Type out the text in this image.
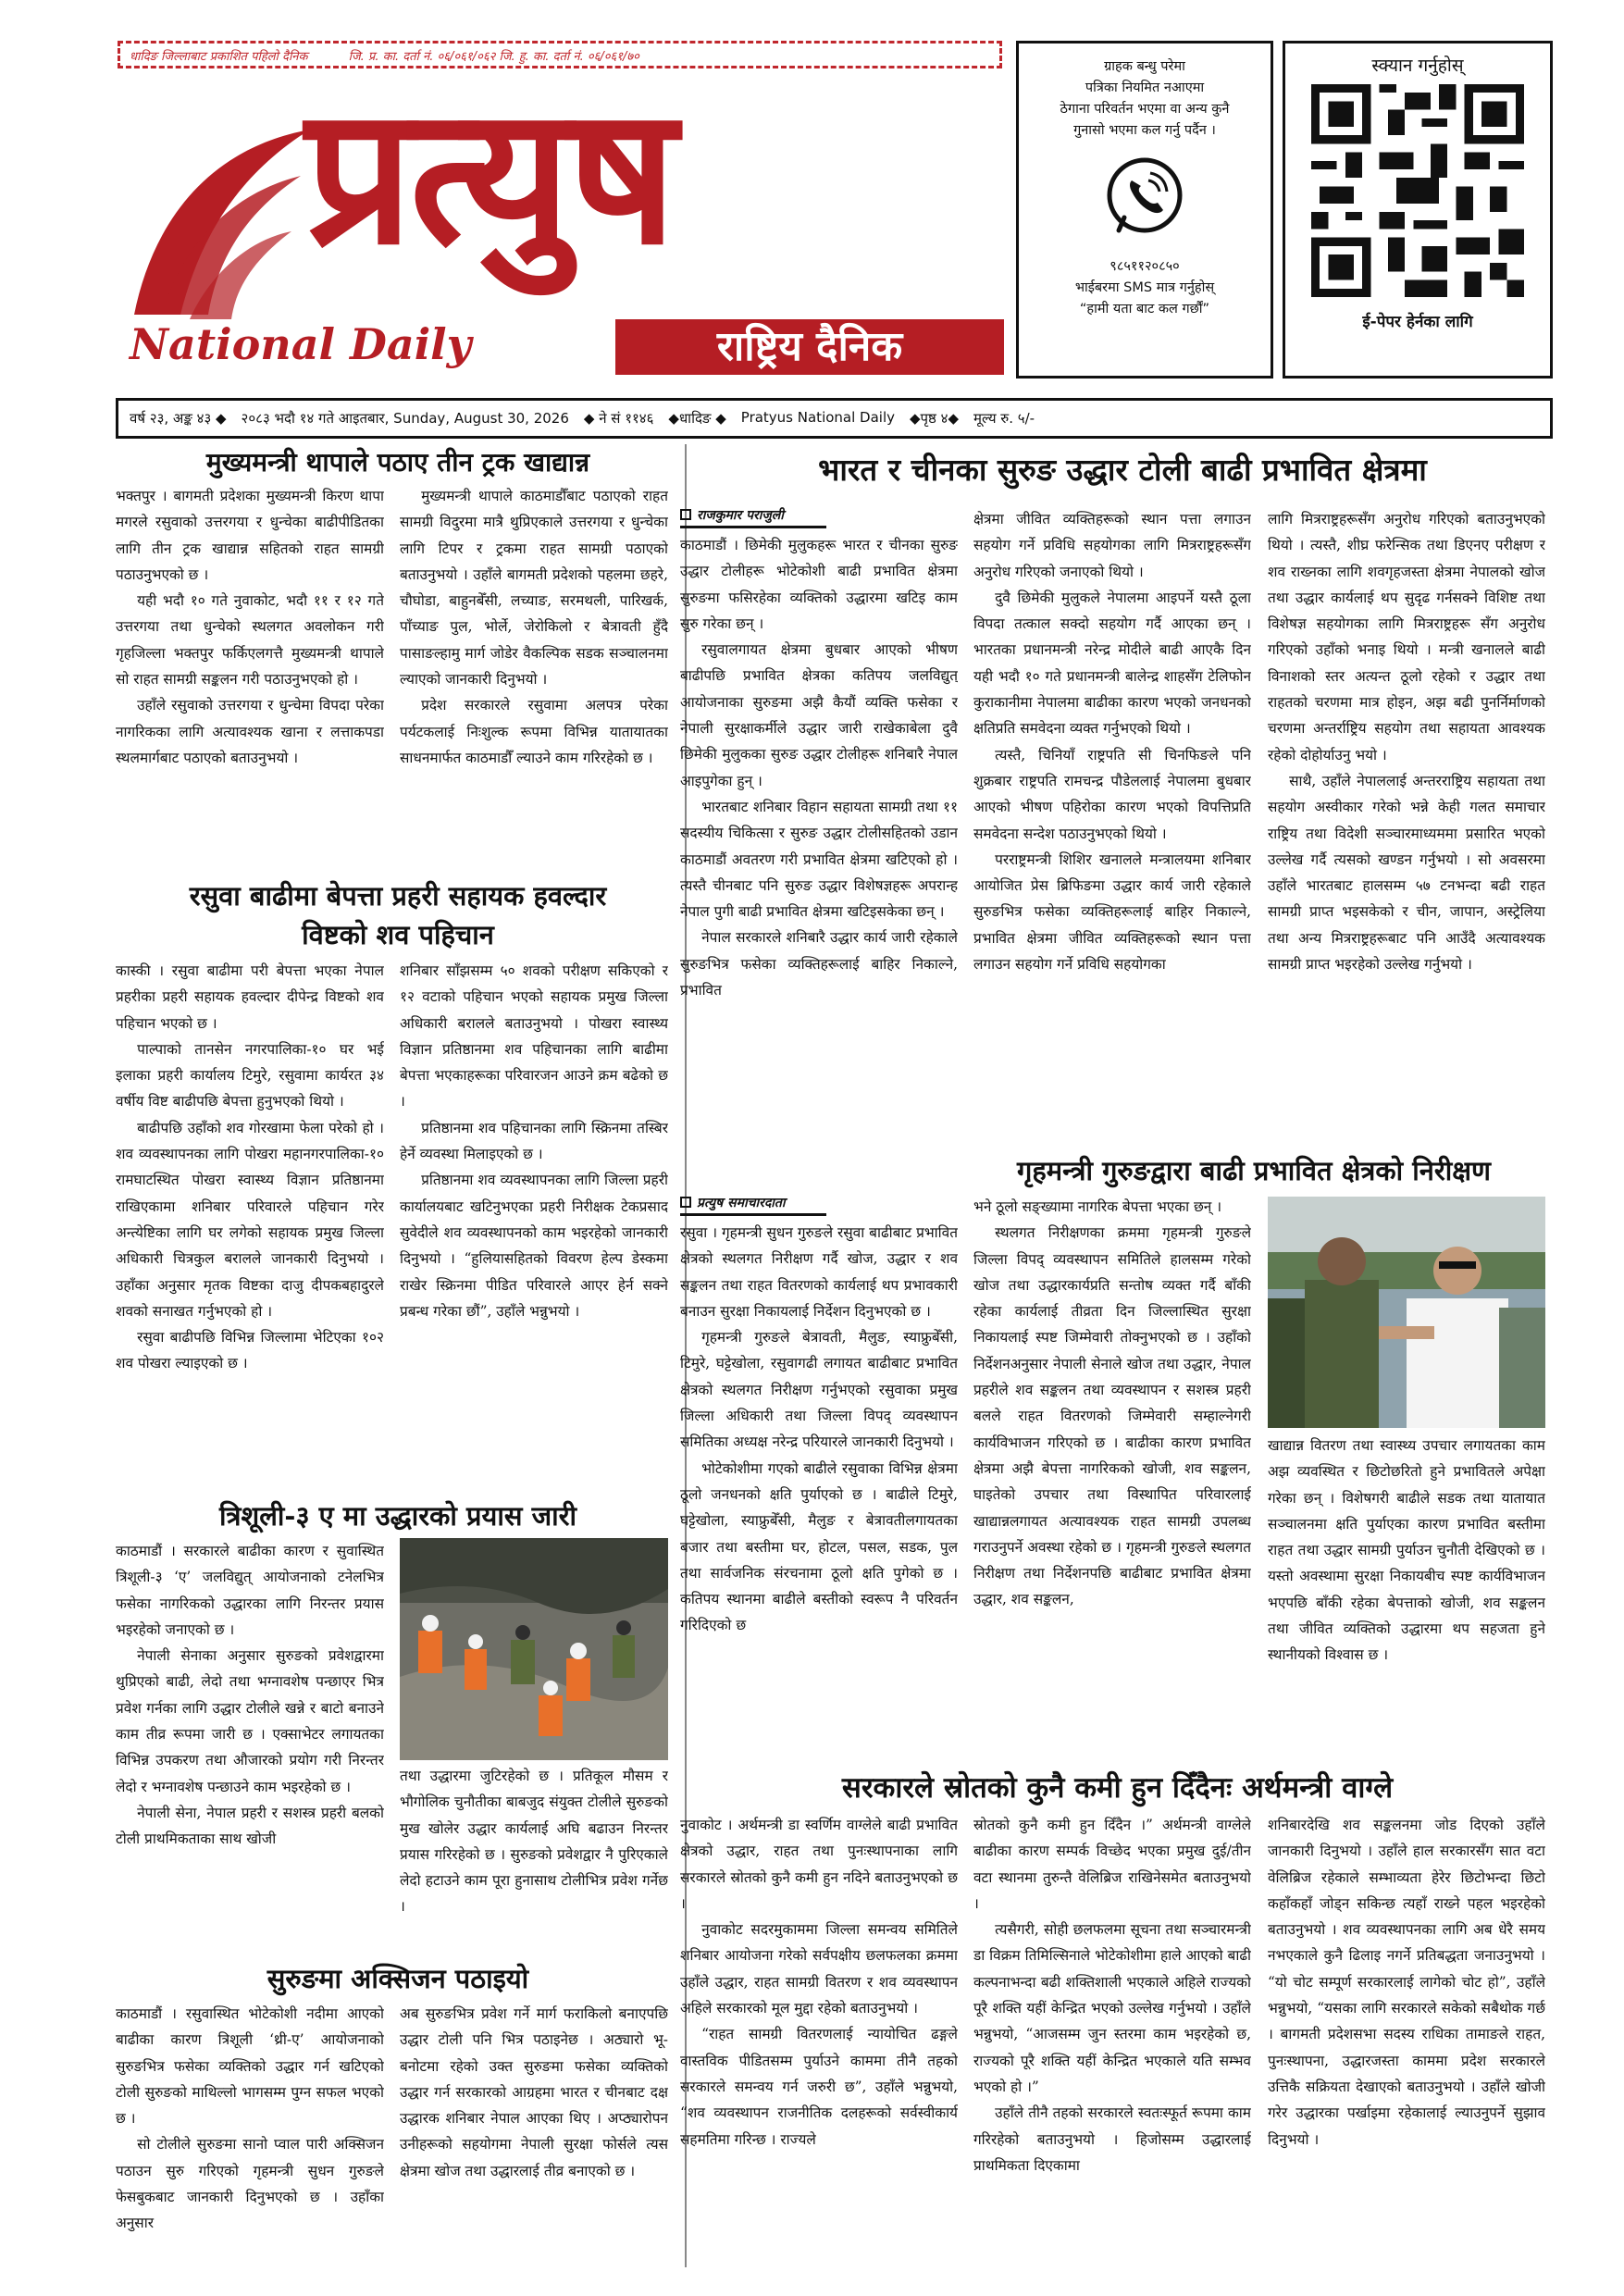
धादिङ जिल्लाबाट प्रकाशित पहिलो दैनिक	जि. प्र. का. दर्ता नं. ०६/०६१/०६२ जि. हु. का. दर्ता नं. ०६/०६१/७०
प्रत्युष
National Daily	राष्ट्रिय दैनिक
ग्राहक बन्धु परेमा
पत्रिका नियमित नआएमा
ठेगाना परिवर्तन भएमा वा अन्य कुनै
गुनासो भएमा कल गर्नु पर्दैन ।
९८५११२०८५०
भाईबरमा SMS मात्र गर्नुहोस्
“हामी यता बाट कल गर्छौं”
स्क्यान गर्नुहोस्
ई-पेपर हेर्नका लागि
वर्ष २३, अङ्क ४३ ◆ २०८३ भदौ १४ गते आइतबार, Sunday, August 30, 2026 ◆ ने सं ११४६ ◆धादिङ ◆ Pratyus National Daily ◆पृष्ठ ४◆ मूल्य रु. ५/-
मुख्यमन्त्री थापाले पठाए तीन ट्रक खाद्यान्न

भक्तपुर । बागमती प्रदेशका मुख्यमन्त्री किरण थापा मगरले रसुवाको उत्तरगया र धुन्चेका बाढीपीडितका लागि तीन ट्रक खाद्यान्न सहितको राहत सामग्री पठाउनुभएको छ ।

यही भदौ १० गते नुवाकोट, भदौ ११ र १२ गते उत्तरगया तथा धुन्चेको स्थलगत अवलोकन गरी गृहजिल्ला भक्तपुर फर्किएलगत्तै मुख्यमन्त्री थापाले सो राहत सामग्री सङ्कलन गरी पठाउनुभएको हो ।

उहाँले रसुवाको उत्तरगया र धुन्चेमा विपदा परेका नागरिकका लागि अत्यावश्यक खाना र लत्ताकपडा स्थलमार्गबाट पठाएको बताउनुभयो ।

मुख्यमन्त्री थापाले काठमाडौँबाट पठाएको राहत सामग्री विदुरमा मात्रै थुप्रिएकाले उत्तरगया र धुन्चेका लागि टिपर र ट्रकमा राहत सामग्री पठाएको बताउनुभयो । उहाँले बागमती प्रदेशको पहलमा छहरे, चौघोडा, बाहुनबेँसी, लच्याङ, सरमथली, पारिखर्क, पाँच्याङ पुल, भोर्ले, जेरोकिलो र बेत्रावती हुँदै पासाङल्हामु मार्ग जोडेर वैकल्पिक सडक सञ्चालनमा ल्याएको जानकारी दिनुभयो ।

प्रदेश सरकारले रसुवामा अलपत्र परेका पर्यटकलाई निःशुल्क रूपमा विभिन्न यातायातका साधनमार्फत काठमाडौँ ल्याउने काम गरिरहेको छ ।

रसुवा बाढीमा बेपत्ता प्रहरी सहायक हवल्दार
विष्टको शव पहिचान

कास्की । रसुवा बाढीमा परी बेपत्ता भएका नेपाल प्रहरीका प्रहरी सहायक हवल्दार दीपेन्द्र विष्टको शव पहिचान भएको छ ।

पाल्पाको तानसेन नगरपालिका-१० घर भई इलाका प्रहरी कार्यालय टिमुरे, रसुवामा कार्यरत ३४ वर्षीय विष्ट बाढीपछि बेपत्ता हुनुभएको थियो ।

बाढीपछि उहाँको शव गोरखामा फेला परेको हो । शव व्यवस्थापनका लागि पोखरा महानगरपालिका-१० रामघाटस्थित पोखरा स्वास्थ्य विज्ञान प्रतिष्ठानमा राखिएकामा शनिबार परिवारले पहिचान गरेर अन्त्येष्टिका लागि घर लगेको सहायक प्रमुख जिल्ला अधिकारी चित्रकुल बरालले जानकारी दिनुभयो । उहाँका अनुसार मृतक विष्टका दाजु दीपकबहादुरले शवको सनाखत गर्नुभएको हो ।

रसुवा बाढीपछि विभिन्न जिल्लामा भेटिएका १०२ शव पोखरा ल्याइएको छ ।

शनिबार साँझसम्म ५० शवको परीक्षण सकिएको र १२ वटाको पहिचान भएको सहायक प्रमुख जिल्ला अधिकारी बरालले बताउनुभयो । पोखरा स्वास्थ्य विज्ञान प्रतिष्ठानमा शव पहिचानका लागि बाढीमा बेपत्ता भएकाहरूका परिवारजन आउने क्रम बढेको छ ।

प्रतिष्ठानमा शव पहिचानका लागि स्क्रिनमा तस्बिर हेर्ने व्यवस्था मिलाइएको छ ।

प्रतिष्ठानमा शव व्यवस्थापनका लागि जिल्ला प्रहरी कार्यालयबाट खटिनुभएका प्रहरी निरीक्षक टेकप्रसाद सुवेदीले शव व्यवस्थापनको काम भइरहेको जानकारी दिनुभयो । “हुलियासहितको विवरण हेल्प डेस्कमा राखेर स्क्रिनमा पीडित परिवारले आएर हेर्न सक्ने प्रबन्ध गरेका छौं”, उहाँले भन्नुभयो ।

त्रिशूली-३ ए मा उद्धारको प्रयास जारी

काठमाडौं । सरकारले बाढीका कारण र सुवास्थित त्रिशूली-३ ‘ए’ जलविद्युत् आयोजनाको टनेलभित्र फसेका नागरिकको उद्धारका लागि निरन्तर प्रयास भइरहेको जनाएको छ ।

नेपाली सेनाका अनुसार सुरुङको प्रवेशद्वारमा थुप्रिएको बाढी, लेदो तथा भग्नावशेष पन्छाएर भित्र प्रवेश गर्नका लागि उद्धार टोलीले खन्ने र बाटो बनाउने काम तीव्र रूपमा जारी छ । एक्साभेटर लगायतका विभिन्न उपकरण तथा औजारको प्रयोग गरी निरन्तर लेदो र भग्नावशेष पन्छाउने काम भइरहेको छ ।

नेपाली सेना, नेपाल प्रहरी र सशस्त्र प्रहरी बलको टोली प्राथमिकताका साथ खोजी

तथा उद्धारमा जुटिरहेको छ । प्रतिकूल मौसम र भौगोलिक चुनौतीका बाबजुद संयुक्त टोलीले सुरुङको मुख खोलेर उद्धार कार्यलाई अघि बढाउन निरन्तर प्रयास गरिरहेको छ । सुरुङको प्रवेशद्वार नै पुरिएकाले लेदो हटाउने काम पूरा हुनासाथ टोलीभित्र प्रवेश गर्नेछ ।

सुरुङमा अक्सिजन पठाइयो

काठमाडौं । रसुवास्थित भोटेकोशी नदीमा आएको बाढीका कारण त्रिशूली ‘थ्री-ए’ आयोजनाको सुरुङभित्र फसेका व्यक्तिको उद्धार गर्न खटिएको टोली सुरुङको माथिल्लो भागसम्म पुग्न सफल भएको छ ।

सो टोलीले सुरुङमा सानो प्वाल पारी अक्सिजन पठाउन सुरु गरिएको गृहमन्त्री सुधन गुरुङले फेसबुकबाट जानकारी दिनुभएको छ । उहाँका अनुसार

अब सुरुङभित्र प्रवेश गर्ने मार्ग फराकिलो बनाएपछि उद्धार टोली पनि भित्र पठाइनेछ । अठ्यारो भू-बनोटमा रहेको उक्त सुरुङमा फसेका व्यक्तिको उद्धार गर्न सरकारको आग्रहमा भारत र चीनबाट दक्ष उद्धारक शनिबार नेपाल आएका थिए । अप्ठ्यारोपन उनीहरूको सहयोगमा नेपाली सुरक्षा फोर्सले त्यस क्षेत्रमा खोज तथा उद्धारलाई तीव्र बनाएको छ ।

भारत र चीनका सुरुङ उद्धार टोली बाढी प्रभावित क्षेत्रमा
राजकुमार पराजुली

काठमाडौं । छिमेकी मुलुकहरू भारत र चीनका सुरुङ उद्धार टोलीहरू भोटेकोशी बाढी प्रभावित क्षेत्रमा सुरुङमा फसिरहेका व्यक्तिको उद्धारमा खटिइ काम सुरु गरेका छन् ।

रसुवालगायत क्षेत्रमा बुधबार आएको भीषण बाढीपछि प्रभावित क्षेत्रका कतिपय जलविद्युत् आयोजनाका सुरुङमा अझै कैयौं व्यक्ति फसेका र नेपाली सुरक्षाकर्मीले उद्धार जारी राखेकाबेला दुवै छिमेकी मुलुकका सुरुङ उद्धार टोलीहरू शनिबारै नेपाल आइपुगेका हुन् ।

भारतबाट शनिबार विहान सहायता सामग्री तथा ११ सदस्यीय चिकित्सा र सुरुङ उद्धार टोलीसहितको उडान काठमाडौं अवतरण गरी प्रभावित क्षेत्रमा खटिएको हो । त्यस्तै चीनबाट पनि सुरुङ उद्धार विशेषज्ञहरू अपरान्ह नेपाल पुगी बाढी प्रभावित क्षेत्रमा खटिइसकेका छन् ।

नेपाल सरकारले शनिबारै उद्धार कार्य जारी रहेकाले सुरुङभित्र फसेका व्यक्तिहरूलाई बाहिर निकाल्ने, प्रभावित

क्षेत्रमा जीवित व्यक्तिहरूको स्थान पत्ता लगाउन सहयोग गर्ने प्रविधि सहयोगका लागि मित्रराष्ट्रहरूसँग अनुरोध गरिएको जनाएको थियो ।

दुवै छिमेकी मुलुकले नेपालमा आइपर्ने यस्तै ठूला विपदा तत्काल सक्दो सहयोग गर्दै आएका छन् । भारतका प्रधानमन्त्री नरेन्द्र मोदीले बाढी आएकै दिन यही भदौ १० गते प्रधानमन्त्री बालेन्द्र शाहसँग टेलिफोन कुराकानीमा नेपालमा बाढीका कारण भएको जनधनको क्षतिप्रति समवेदना व्यक्त गर्नुभएको थियो ।

त्यस्तै, चिनियाँ राष्ट्रपति सी चिनफिङले पनि शुक्रबार राष्ट्रपति रामचन्द्र पौडेललाई नेपालमा बुधबार आएको भीषण पहिरोका कारण भएको विपत्तिप्रति समवेदना सन्देश पठाउनुभएको थियो ।

परराष्ट्रमन्त्री शिशिर खनालले मन्त्रालयमा शनिबार आयोजित प्रेस ब्रिफिङमा उद्धार कार्य जारी रहेकाले सुरुङभित्र फसेका व्यक्तिहरूलाई बाहिर निकाल्ने, प्रभावित क्षेत्रमा जीवित व्यक्तिहरूको स्थान पत्ता लगाउन सहयोग गर्ने प्रविधि सहयोगका

लागि मित्रराष्ट्रहरूसँग अनुरोध गरिएको बताउनुभएको थियो । त्यस्तै, शीघ्र फरेन्सिक तथा डिएनए परीक्षण र शव राख्नका लागि शवगृहजस्ता क्षेत्रमा नेपालको खोज तथा उद्धार कार्यलाई थप सुदृढ गर्नसक्ने विशिष्ट तथा विशेषज्ञ सहयोगका लागि मित्रराष्ट्रहरू सँग अनुरोध गरिएको उहाँको भनाइ थियो । मन्त्री खनालले बाढी विनाशको स्तर अत्यन्त ठूलो रहेको र उद्धार तथा राहतको चरणमा मात्र होइन, अझ बढी पुनर्निर्माणको चरणमा अन्तर्राष्ट्रिय सहयोग तथा सहायता आवश्यक रहेको दोहोर्याउनु भयो ।

साथै, उहाँले नेपाललाई अन्तरराष्ट्रिय सहायता तथा सहयोग अस्वीकार गरेको भन्ने केही गलत समाचार राष्ट्रिय तथा विदेशी सञ्चारमाध्यममा प्रसारित भएको उल्लेख गर्दै त्यसको खण्डन गर्नुभयो । सो अवसरमा उहाँले भारतबाट हालसम्म ५७ टनभन्दा बढी राहत सामग्री प्राप्त भइसकेको र चीन, जापान, अस्ट्रेलिया तथा अन्य मित्रराष्ट्रहरूबाट पनि आउँदै अत्यावश्यक सामग्री प्राप्त भइरहेको उल्लेख गर्नुभयो ।

गृहमन्त्री गुरुङद्वारा बाढी प्रभावित क्षेत्रको निरीक्षण
प्रत्युष समाचारदाता

रसुवा । गृहमन्त्री सुधन गुरुङले रसुवा बाढीबाट प्रभावित क्षेत्रको स्थलगत निरीक्षण गर्दै खोज, उद्धार र शव सङ्कलन तथा राहत वितरणको कार्यलाई थप प्रभावकारी बनाउन सुरक्षा निकायलाई निर्देशन दिनुभएको छ ।

गृहमन्त्री गुरुङले बेत्रावती, मैलुङ, स्याफ्रुबेँसी, टिमुरे, घट्टेखोला, रसुवागढी लगायत बाढीबाट प्रभावित क्षेत्रको स्थलगत निरीक्षण गर्नुभएको रसुवाका प्रमुख जिल्ला अधिकारी तथा जिल्ला विपद् व्यवस्थापन समितिका अध्यक्ष नरेन्द्र परियारले जानकारी दिनुभयो ।

भोटेकोशीमा गएको बाढीले रसुवाका विभिन्न क्षेत्रमा ठूलो जनधनको क्षति पुर्याएको छ । बाढीले टिमुरे, घट्टेखोला, स्याफ्रुबेँसी, मैलुङ र बेत्रावतीलगायतका बजार तथा बस्तीमा घर, होटल, पसल, सडक, पुल तथा सार्वजनिक संरचनामा ठूलो क्षति पुगेको छ । कतिपय स्थानमा बाढीले बस्तीको स्वरूप नै परिवर्तन गरिदिएको छ

भने ठूलो सङ्ख्यामा नागरिक बेपत्ता भएका छन् ।

स्थलगत निरीक्षणका क्रममा गृहमन्त्री गुरुङले जिल्ला विपद् व्यवस्थापन समितिले हालसम्म गरेको खोज तथा उद्धारकार्यप्रति सन्तोष व्यक्त गर्दै बाँकी रहेका कार्यलाई तीव्रता दिन जिल्लास्थित सुरक्षा निकायलाई स्पष्ट जिम्मेवारी तोक्नुभएको छ । उहाँको निर्देशनअनुसार नेपाली सेनाले खोज तथा उद्धार, नेपाल प्रहरीले शव सङ्कलन तथा व्यवस्थापन र सशस्त्र प्रहरी बलले राहत वितरणको जिम्मेवारी सम्हाल्नेगरी कार्यविभाजन गरिएको छ । बाढीका कारण प्रभावित क्षेत्रमा अझै बेपत्ता नागरिकको खोजी, शव सङ्कलन, घाइतेको उपचार तथा विस्थापित परिवारलाई खाद्यान्नलगायत अत्यावश्यक राहत सामग्री उपलब्ध गराउनुपर्ने अवस्था रहेको छ । गृहमन्त्री गुरुङले स्थलगत निरीक्षण तथा निर्देशनपछि बाढीबाट प्रभावित क्षेत्रमा उद्धार, शव सङ्कलन,

खाद्यान्न वितरण तथा स्वास्थ्य उपचार लगायतका काम अझ व्यवस्थित र छिटोछरितो हुने प्रभावितले अपेक्षा गरेका छन् । विशेषगरी बाढीले सडक तथा यातायात सञ्चालनमा क्षति पुर्याएका कारण प्रभावित बस्तीमा राहत तथा उद्धार सामग्री पुर्याउन चुनौती देखिएको छ । यस्तो अवस्थामा सुरक्षा निकायबीच स्पष्ट कार्यविभाजन भएपछि बाँकी रहेका बेपत्ताको खोजी, शव सङ्कलन तथा जीवित व्यक्तिको उद्धारमा थप सहजता हुने स्थानीयको विश्वास छ ।

सरकारले स्रोतको कुनै कमी हुन दिँदैनः अर्थमन्त्री वाग्ले

नुवाकोट । अर्थमन्त्री डा स्वर्णिम वाग्लेले बाढी प्रभावित क्षेत्रको उद्धार, राहत तथा पुनःस्थापनाका लागि सरकारले स्रोतको कुनै कमी हुन नदिने बताउनुभएको छ ।

नुवाकोट सदरमुकाममा जिल्ला समन्वय समितिले शनिबार आयोजना गरेको सर्वपक्षीय छलफलका क्रममा उहाँले उद्धार, राहत सामग्री वितरण र शव व्यवस्थापन अहिले सरकारको मूल मुद्दा रहेको बताउनुभयो ।

“राहत सामग्री वितरणलाई न्यायोचित ढङ्गले वास्तविक पीडितसम्म पुर्याउने काममा तीनै तहको सरकारले समन्वय गर्न जरुरी छ”, उहाँले भन्नुभयो, “शव व्यवस्थापन राजनीतिक दलहरूको सर्वस्वीकार्य सहमतिमा गरिन्छ । राज्यले

स्रोतको कुनै कमी हुन दिँदैन ।” अर्थमन्त्री वाग्लेले बाढीका कारण सम्पर्क विच्छेद भएका प्रमुख दुई/तीन वटा स्थानमा तुरुन्तै वेलिब्रिज राखिनेसमेत बताउनुभयो ।

त्यसैगरी, सोही छलफलमा सूचना तथा सञ्चारमन्त्री डा विक्रम तिमिल्सिनाले भोटेकोशीमा हाले आएको बाढी कल्पनाभन्दा बढी शक्तिशाली भएकाले अहिले राज्यको पूरै शक्ति यहीं केन्द्रित भएको उल्लेख गर्नुभयो । उहाँले भन्नुभयो, “आजसम्म जुन स्तरमा काम भइरहेको छ, राज्यको पूरै शक्ति यहीं केन्द्रित भएकाले यति सम्भव भएको हो ।”

उहाँले तीनै तहको सरकारले स्वतःस्फूर्त रूपमा काम गरिरहेको बताउनुभयो । हिजोसम्म उद्धारलाई प्राथमिकता दिएकामा

शनिबारदेखि शव सङ्कलनमा जोड दिएको उहाँले जानकारी दिनुभयो । उहाँले हाल सरकारसँग सात वटा वेलिब्रिज रहेकाले सम्भाव्यता हेरेर छिटोभन्दा छिटो कहाँकहाँ जोड्न सकिन्छ त्यहाँ राख्ने पहल भइरहेको बताउनुभयो । शव व्यवस्थापनका लागि अब धेरै समय नभएकाले कुनै ढिलाइ नगर्ने प्रतिबद्धता जनाउनुभयो । “यो चोट सम्पूर्ण सरकारलाई लागेको चोट हो”, उहाँले भन्नुभयो, “यसका लागि सरकारले सकेको सबैथोक गर्छ । बागमती प्रदेशसभा सदस्य राधिका तामाङले राहत, पुनःस्थापना, उद्धारजस्ता काममा प्रदेश सरकारले उत्तिकै सक्रियता देखाएको बताउनुभयो । उहाँले खोजी गरेर उद्धारका पर्खाइमा रहेकालाई ल्याउनुपर्ने सुझाव दिनुभयो ।
